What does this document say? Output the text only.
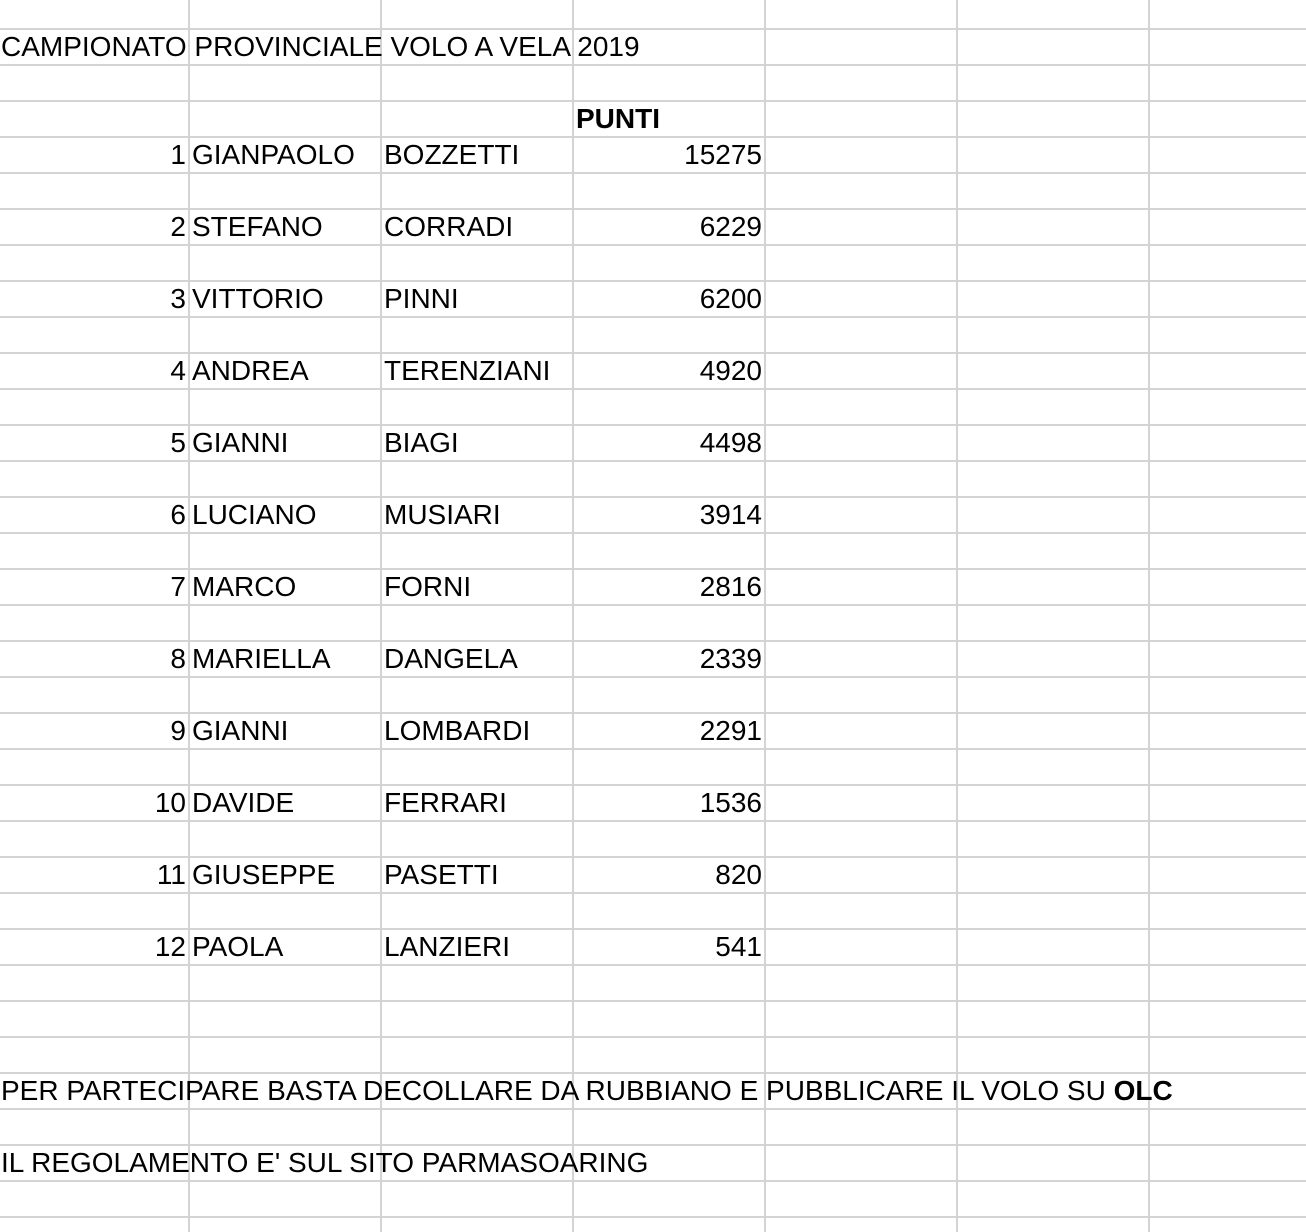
CAMPIONATO PROVINCIALE VOLO A VELA 2019
PUNTI
1 GIANPAOLO	BOZZETTI	15275
2 STEFANO	CORRADI	6229
3 VITTORIO	PINNI	6200
4 ANDREA	TERENZIANI	4920
5 GIANNI	BIAGI	4498
6 LUCIANO	MUSIARI	3914
7 MARCO	FORNI	2816
8 MARIELLA	DANGELA	2339
9 GIANNI	LOMBARDI	2291
10 DAVIDE	FERRARI	1536
11 GIUSEPPE	PASETTI	820
12 PAOLA	LANZIERI	541
PER PARTECIPARE BASTA DECOLLARE DA RUBBIANO E PUBBLICARE IL VOLO SU OLC
IL REGOLAMENTO E' SUL SITO PARMASOARING
